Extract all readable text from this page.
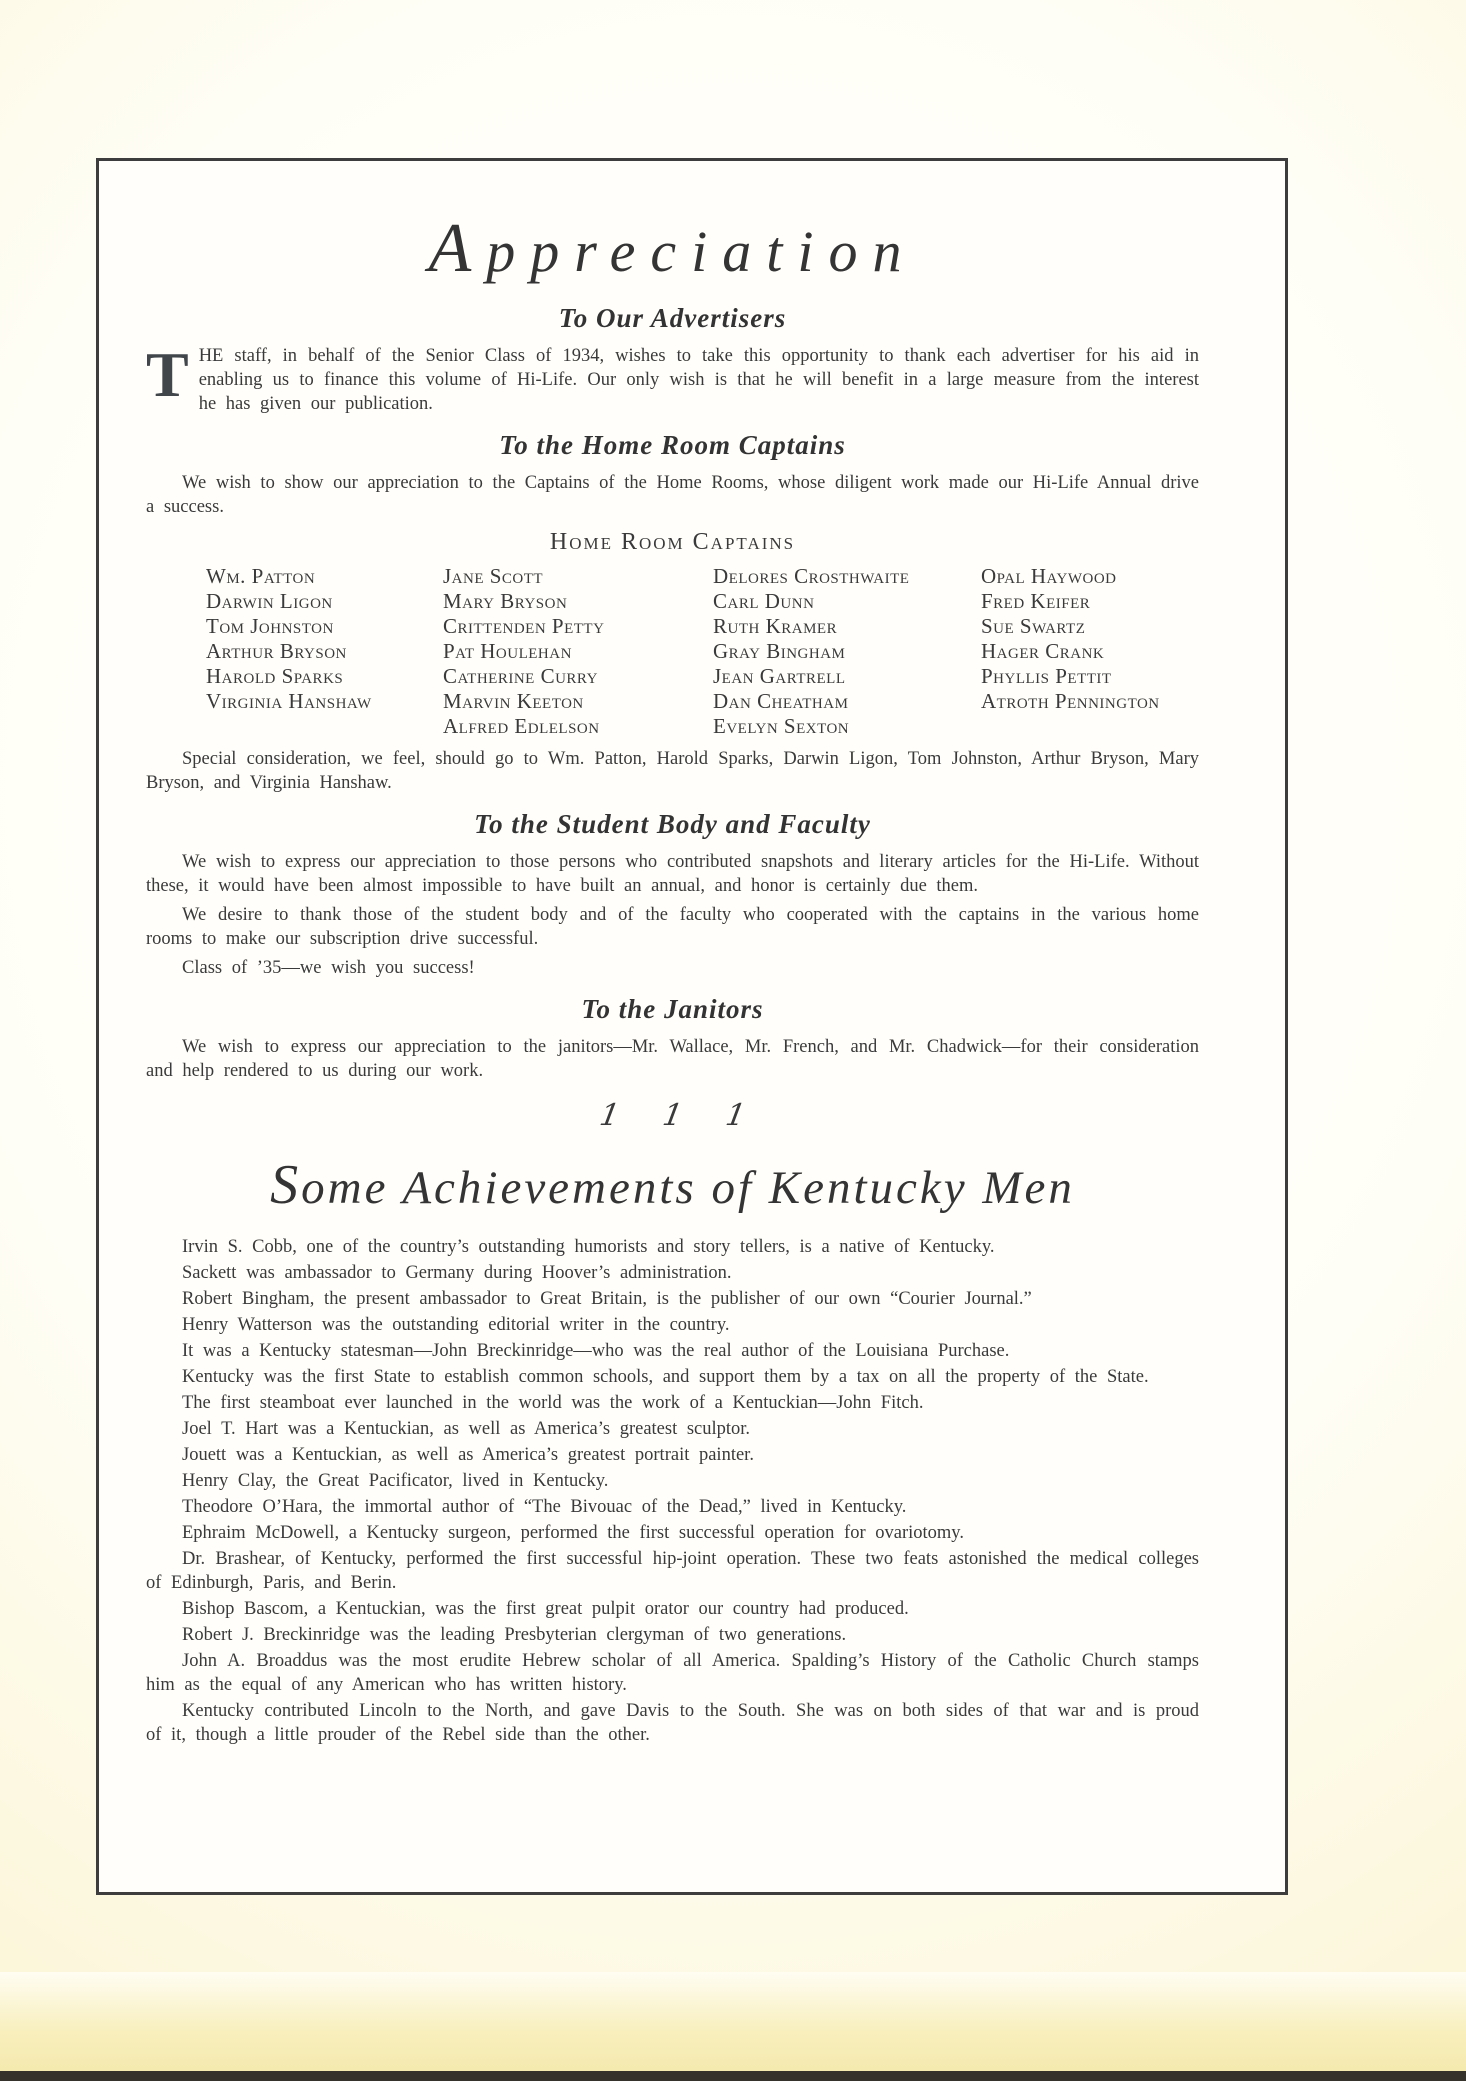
Appreciation
To Our Advertisers

THE staff, in behalf of the Senior Class of 1934, wishes to take this opportunity to thank each advertiser for his aid in enabling us to finance this volume of Hi-Life. Our only wish is that he will benefit in a large measure from the interest he has given our publication.

To the Home Room Captains

We wish to show our appreciation to the Captains of the Home Rooms, whose diligent work made our Hi-Life Annual drive a success.

Home Room Captains
Wm. Patton
Darwin Ligon
Tom Johnston
Arthur Bryson
Harold Sparks
Virginia Hanshaw
Jane Scott
Mary Bryson
Crittenden Petty
Pat Houlehan
Catherine Curry
Marvin Keeton
Alfred Edlelson
Delores Crosthwaite
Carl Dunn
Ruth Kramer
Gray Bingham
Jean Gartrell
Dan Cheatham
Evelyn Sexton
Opal Haywood
Fred Keifer
Sue Swartz
Hager Crank
Phyllis Pettit
Atroth Pennington

Special consideration, we feel, should go to Wm. Patton, Harold Sparks, Darwin Ligon, Tom Johnston, Arthur Bryson, Mary Bryson, and Virginia Hanshaw.

To the Student Body and Faculty

We wish to express our appreciation to those persons who contributed snapshots and literary articles for the Hi-Life. Without these, it would have been almost impossible to have built an annual, and honor is certainly due them.

We desire to thank those of the student body and of the faculty who cooperated with the captains in the various home rooms to make our subscription drive successful.

Class of ’35—we wish you success!

To the Janitors

We wish to express our appreciation to the janitors—Mr. Wallace, Mr. French, and Mr. Chadwick—for their consideration and help rendered to us during our work.

1 1 1
Some Achievements of Kentucky Men

Irvin S. Cobb, one of the country’s outstanding humorists and story tellers, is a native of Kentucky.

Sackett was ambassador to Germany during Hoover’s administration.

Robert Bingham, the present ambassador to Great Britain, is the publisher of our own “Courier Journal.”

Henry Watterson was the outstanding editorial writer in the country.

It was a Kentucky statesman—John Breckinridge—who was the real author of the Louisiana Purchase.

Kentucky was the first State to establish common schools, and support them by a tax on all the property of the State.

The first steamboat ever launched in the world was the work of a Kentuckian—John Fitch.

Joel T. Hart was a Kentuckian, as well as America’s greatest sculptor.

Jouett was a Kentuckian, as well as America’s greatest portrait painter.

Henry Clay, the Great Pacificator, lived in Kentucky.

Theodore O’Hara, the immortal author of “The Bivouac of the Dead,” lived in Kentucky.

Ephraim McDowell, a Kentucky surgeon, performed the first successful operation for ovariotomy.

Dr. Brashear, of Kentucky, performed the first successful hip-joint operation. These two feats astonished the medical colleges of Edinburgh, Paris, and Berin.

Bishop Bascom, a Kentuckian, was the first great pulpit orator our country had produced.

Robert J. Breckinridge was the leading Presbyterian clergyman of two generations.

John A. Broaddus was the most erudite Hebrew scholar of all America. Spalding’s History of the Catholic Church stamps him as the equal of any American who has written history.

Kentucky contributed Lincoln to the North, and gave Davis to the South. She was on both sides of that war and is proud of it, though a little prouder of the Rebel side than the other.
